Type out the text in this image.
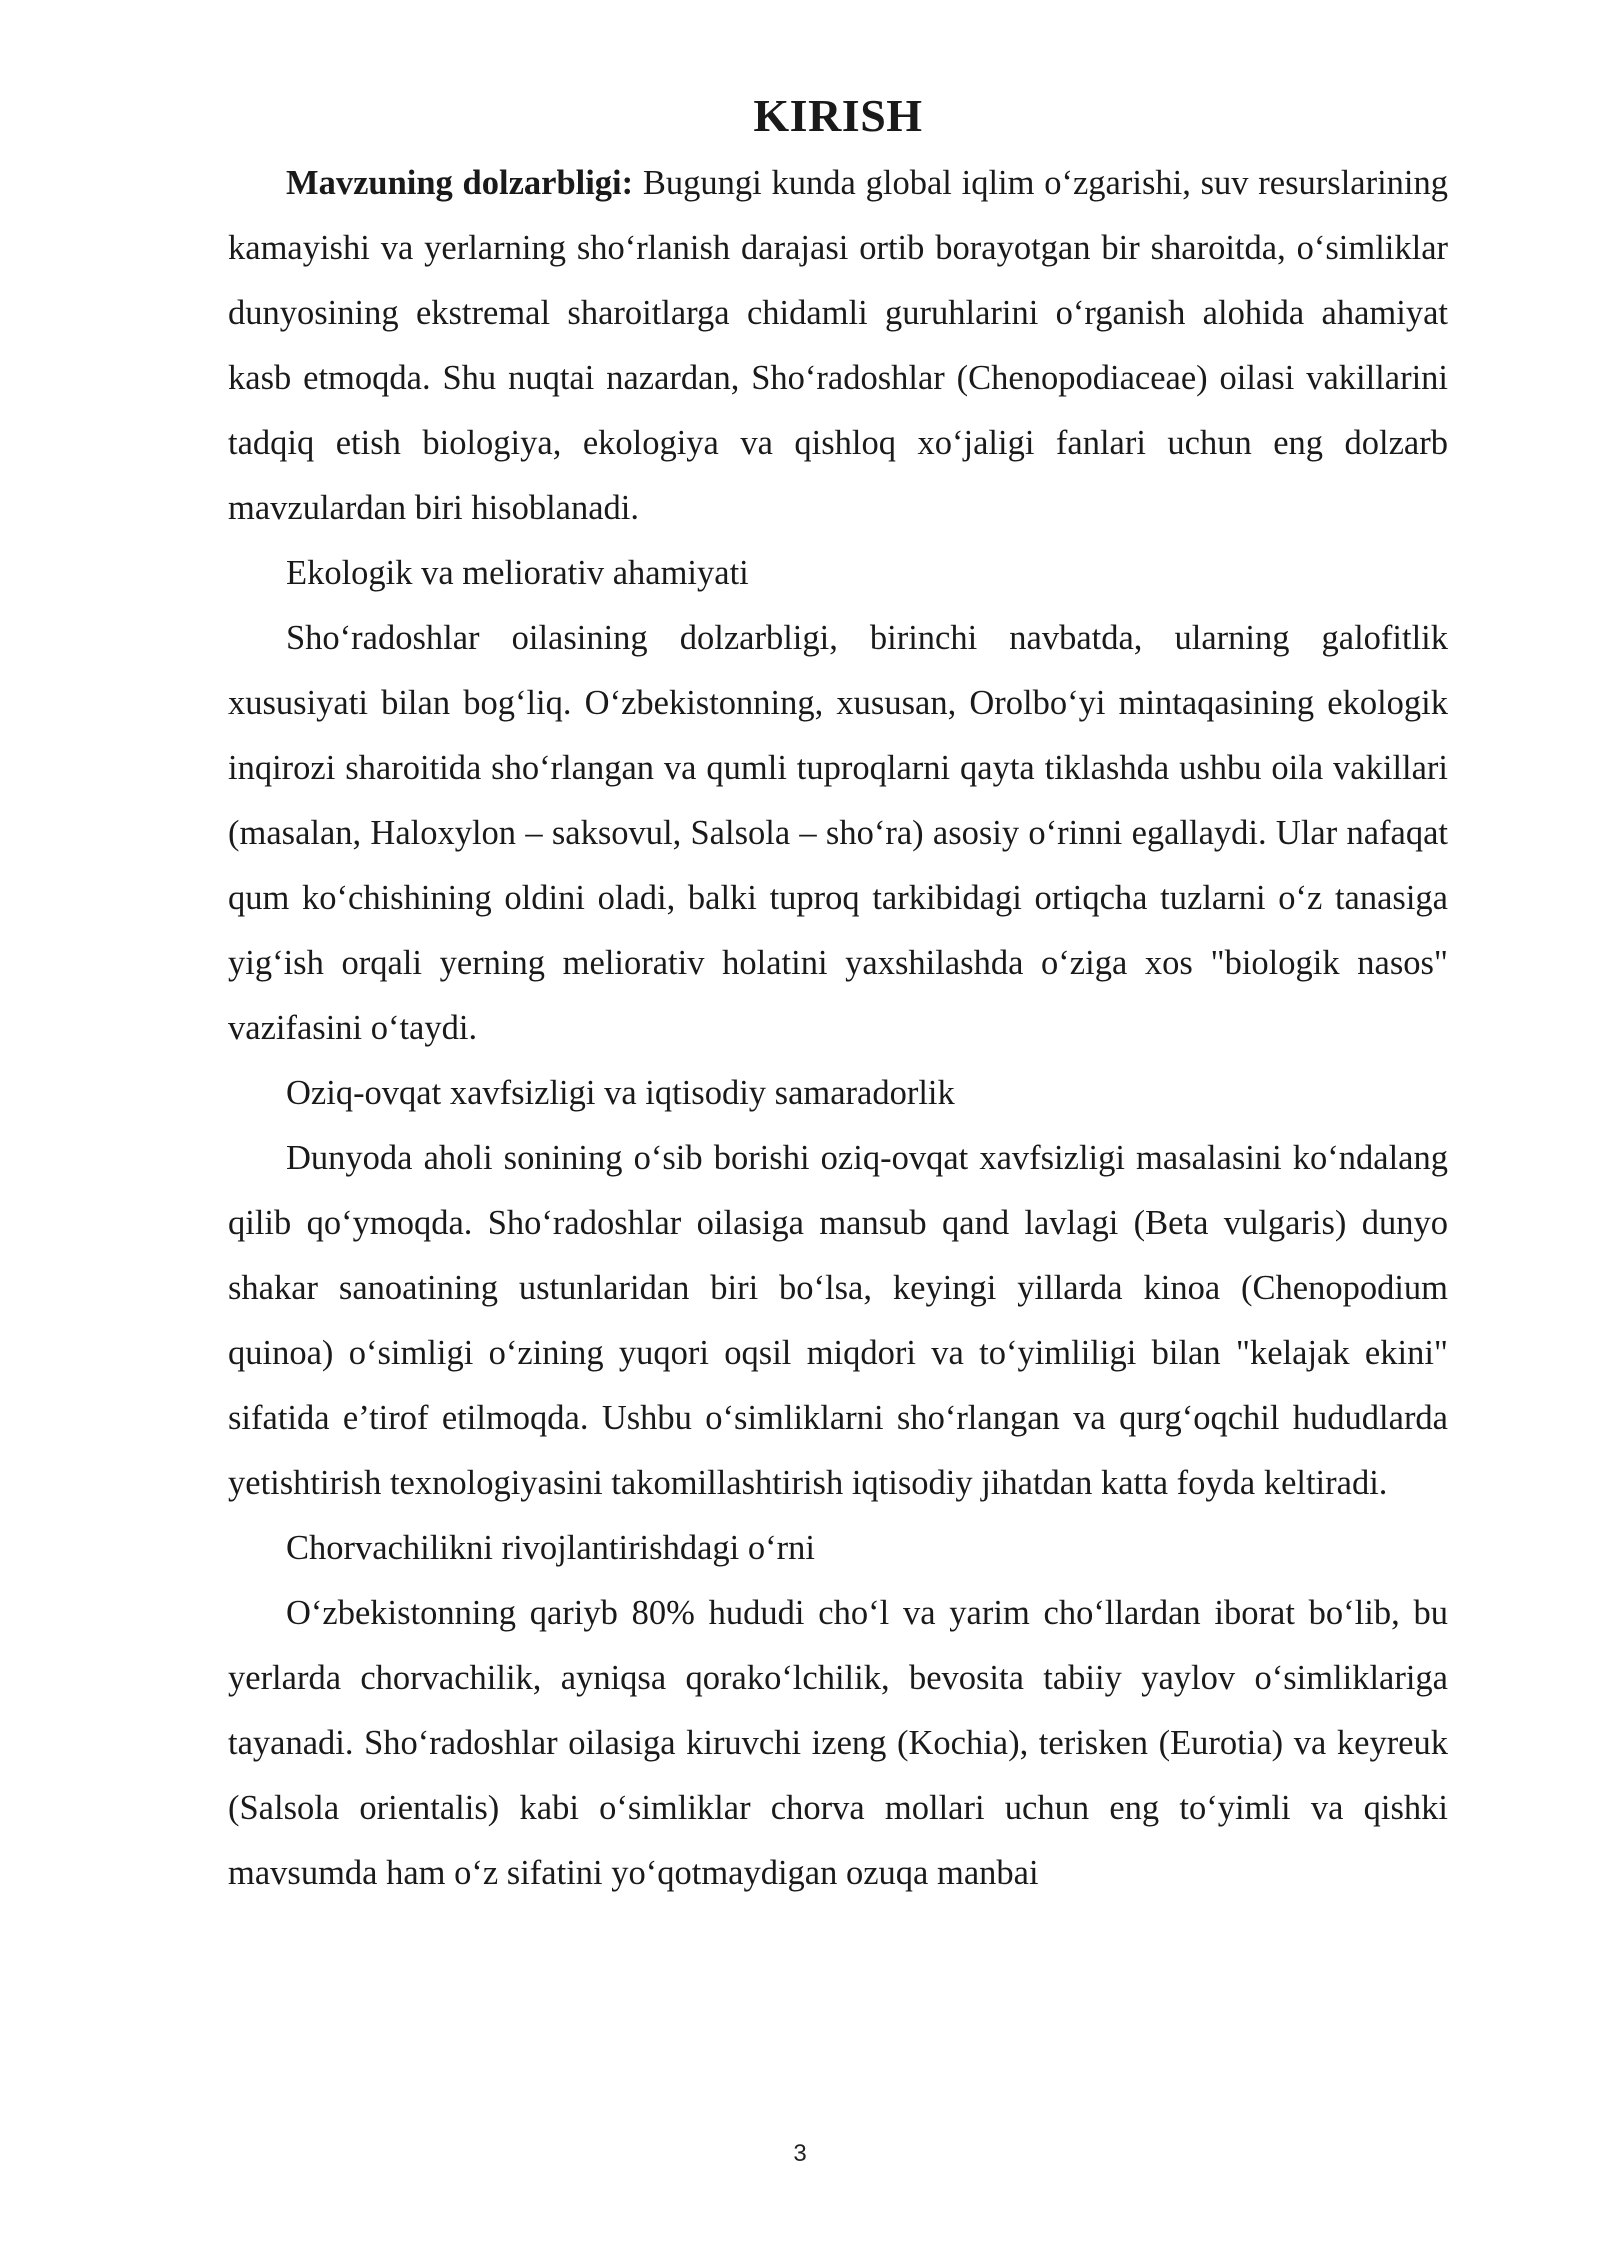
KIRISH

Mavzuning dolzarbligi: Bugungi kunda global iqlim o‘zgarishi, suv resurslarining kamayishi va yerlarning sho‘rlanish darajasi ortib borayotgan bir sharoitda, o‘simliklar dunyosining ekstremal sharoitlarga chidamli guruhlarini o‘rganish alohida ahamiyat kasb etmoqda. Shu nuqtai nazardan, Sho‘radoshlar (Chenopodiaceae) oilasi vakillarini tadqiq etish biologiya, ekologiya va qishloq xo‘jaligi fanlari uchun eng dolzarb mavzulardan biri hisoblanadi.

Ekologik va meliorativ ahamiyati

Sho‘radoshlar oilasining dolzarbligi, birinchi navbatda, ularning galofitlik xususiyati bilan bog‘liq. O‘zbekistonning, xususan, Orolbo‘yi mintaqasining ekologik inqirozi sharoitida sho‘rlangan va qumli tuproqlarni qayta tiklashda ushbu oila vakillari (masalan, Haloxylon – saksovul, Salsola – sho‘ra) asosiy o‘rinni egallaydi. Ular nafaqat qum ko‘chishining oldini oladi, balki tuproq tarkibidagi ortiqcha tuzlarni o‘z tanasiga yig‘ish orqali yerning meliorativ holatini yaxshilashda o‘ziga xos "biologik nasos" vazifasini o‘taydi.

Oziq-ovqat xavfsizligi va iqtisodiy samaradorlik

Dunyoda aholi sonining o‘sib borishi oziq-ovqat xavfsizligi masalasini ko‘ndalang qilib qo‘ymoqda. Sho‘radoshlar oilasiga mansub qand lavlagi (Beta vulgaris) dunyo shakar sanoatining ustunlaridan biri bo‘lsa, keyingi yillarda kinoa (Chenopodium quinoa) o‘simligi o‘zining yuqori oqsil miqdori va to‘yimliligi bilan "kelajak ekini" sifatida e’tirof etilmoqda. Ushbu o‘simliklarni sho‘rlangan va qurg‘oqchil hududlarda yetishtirish texnologiyasini takomillashtirish iqtisodiy jihatdan katta foyda keltiradi.

Chorvachilikni rivojlantirishdagi o‘rni

O‘zbekistonning qariyb 80% hududi cho‘l va yarim cho‘llardan iborat bo‘lib, bu yerlarda chorvachilik, ayniqsa qorako‘lchilik, bevosita tabiiy yaylov o‘simliklariga tayanadi. Sho‘radoshlar oilasiga kiruvchi izeng (Kochia), terisken (Eurotia) va keyreuk (Salsola orientalis) kabi o‘simliklar chorva mollari uchun eng to‘yimli va qishki mavsumda ham o‘z sifatini yo‘qotmaydigan ozuqa manbai

3
